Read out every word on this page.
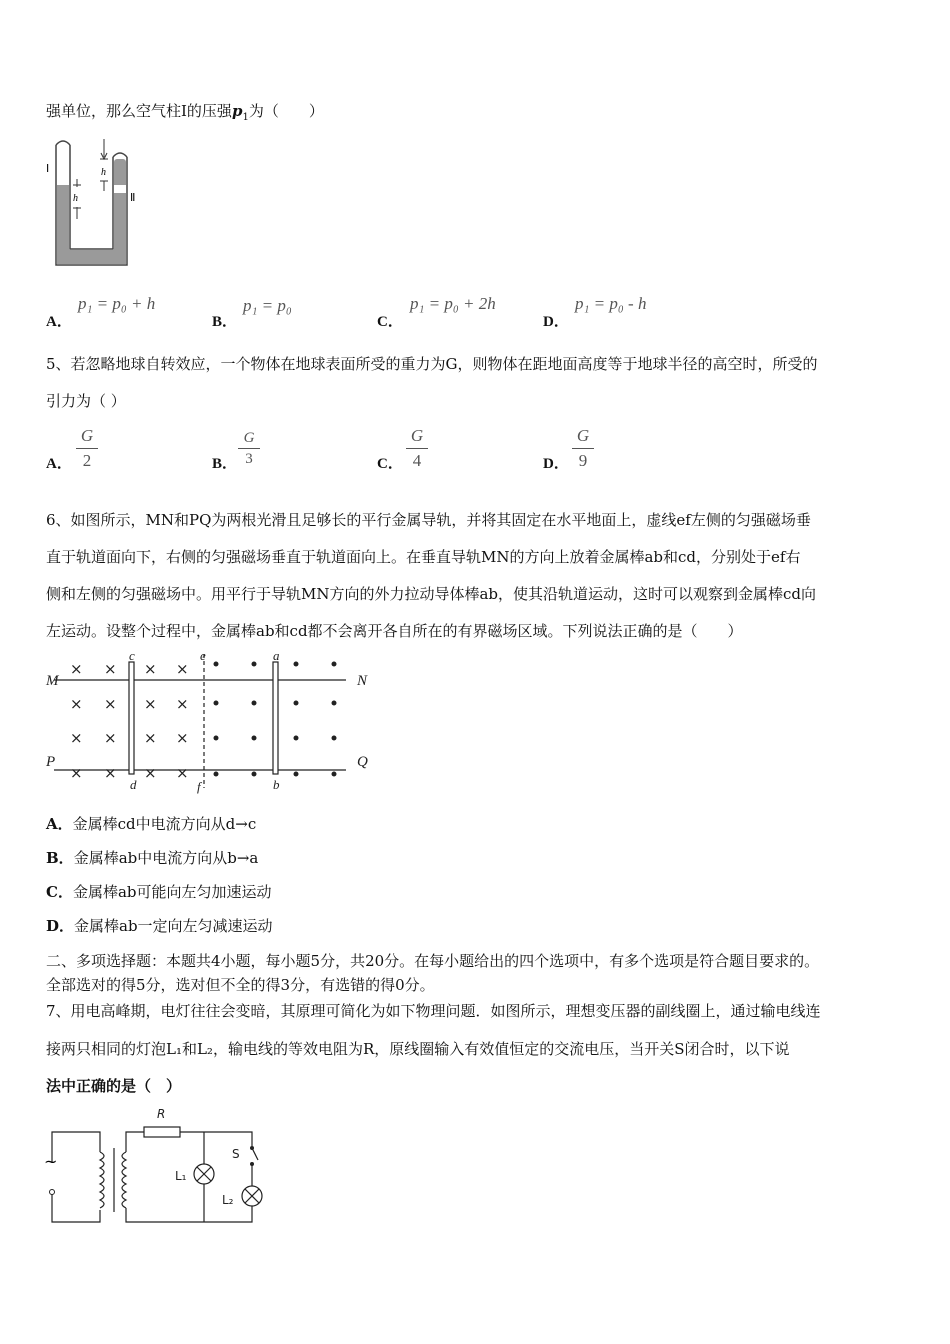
强单位，那么空气柱Ⅰ的压强$p_1$为（　　）
h
h
Ⅰ
Ⅱ
A．
p₁ = p₀ + h
B．
p₁ = p₀
C．
p₁ = p₀ + 2h
D．
p₁ = p₀ - h
5、若忽略地球自转效应，一个物体在地球表面所受的重力为G，则物体在距地面高度等于地球半径的高空时，所受的
引力为（ ）
A．
G
2	B．
G
3	C．
G
4	D．
G
9
6、如图所示，MN和PQ为两根光滑且足够长的平行金属导轨，并将其固定在水平地面上，虚线ef左侧的匀强磁场垂
直于轨道面向下，右侧的匀强磁场垂直于轨道面向上。在垂直导轨MN的方向上放着金属棒ab和cd，分别处于ef右
侧和左侧的匀强磁场中。用平行于导轨MN方向的外力拉动导体棒ab，使其沿轨道运动，这时可以观察到金属棒cd向
左运动。设整个过程中，金属棒ab和cd都不会离开各自所在的有界磁场区域。下列说法正确的是（　　）
× × × ×
× × × ×
× × × ×
× × × ×
M	N
P	Q
c
d
e
f
a
b
A．金属棒cd中电流方向从d→c
B．金属棒ab中电流方向从b→a
C．金属棒ab可能向左匀加速运动
D．金属棒ab一定向左匀减速运动
二、多项选择题：本题共4小题，每小题5分，共20分。在每小题给出的四个选项中，有多个选项是符合题目要求的。
全部选对的得5分，选对但不全的得3分，有选错的得0分。
7、用电高峰期，电灯往往会变暗，其原理可简化为如下物理问题．如图所示，理想变压器的副线圈上，通过输电线连
接两只相同的灯泡L₁和L₂，输电线的等效电阻为R，原线圈输入有效值恒定的交流电压，当开关S闭合时，以下说
法中正确的是（　）
~
R
S
L₁
L₂
